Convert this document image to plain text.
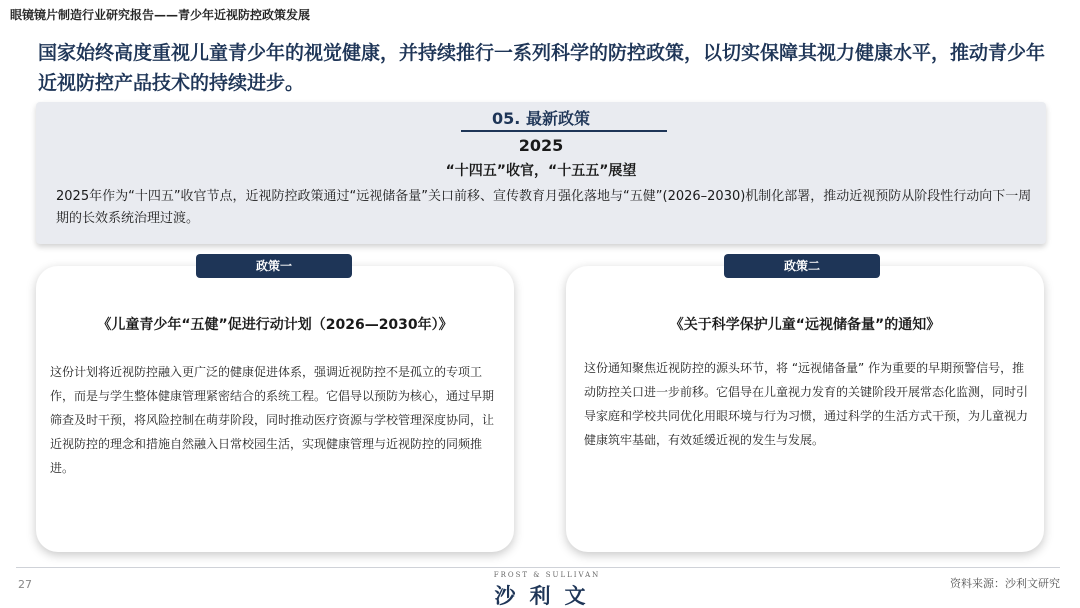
眼镜镜片制造行业研究报告——青少年近视防控政策发展
国家始终高度重视儿童青少年的视觉健康，并持续推行一系列科学的防控政策，以切实保障其视力健康水平，推动青少年近视防控产品技术的持续进步。
05. 最新政策
2025
“十四五”收官，“十五五”展望
2025年作为“十四五”收官节点，近视防控政策通过“远视储备量”关口前移、宣传教育月强化落地与“五健”(2026–2030)机制化部署，推动近视预防从阶段性行动向下一周期的长效系统治理过渡。
政策一
《儿童青少年“五健”促进行动计划（2026—2030年）》
这份计划将近视防控融入更广泛的健康促进体系，强调近视防控不是孤立的专项工作，而是与学生整体健康管理紧密结合的系统工程。它倡导以预防为核心，通过早期筛查及时干预，将风险控制在萌芽阶段，同时推动医疗资源与学校管理深度协同，让近视防控的理念和措施自然融入日常校园生活，实现健康管理与近视防控的同频推进。
政策二
《关于科学保护儿童“远视储备量”的通知》
这份通知聚焦近视防控的源头环节，将 “远视储备量” 作为重要的早期预警信号，推动防控关口进一步前移。它倡导在儿童视力发育的关键阶段开展常态化监测，同时引导家庭和学校共同优化用眼环境与行为习惯，通过科学的生活方式干预，为儿童视力健康筑牢基础，有效延缓近视的发生与发展。
27
FROST & SULLIVAN
沙利文
资料来源：沙利文研究
